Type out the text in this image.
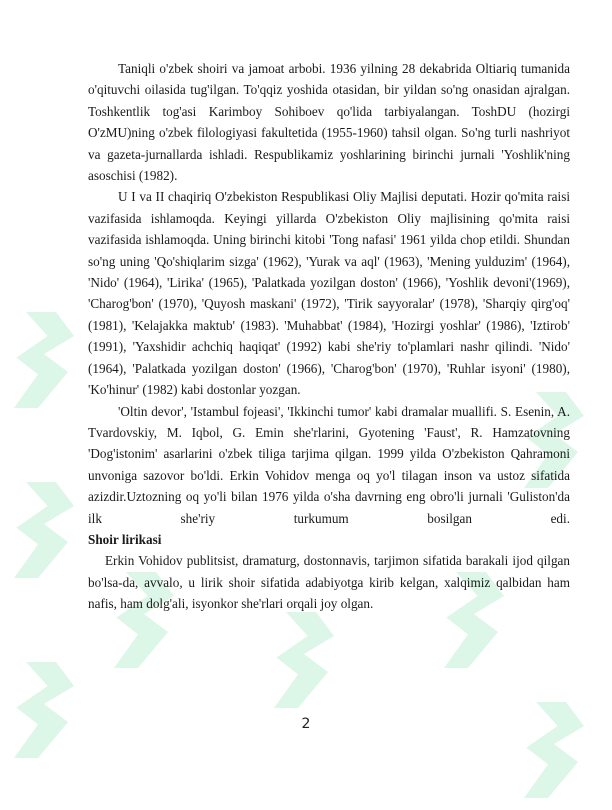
Taniqli o'zbek shoiri va jamoat arbobi. 1936 yilning 28 dekabrida Oltiariq tumanida o'qituvchi oilasida tug'ilgan. To'qqiz yoshida otasidan, bir yildan so'ng onasidan ajralgan. Toshkentlik tog'asi Karimboy Sohiboev qo'lida tarbiyalangan. ToshDU (hozirgi O'zMU)ning o'zbek filologiyasi fakultetida (1955-1960) tahsil olgan. So'ng turli nashriyot va gazeta-jurnallarda ishladi. Respublikamiz yoshlarining birinchi jurnali 'Yoshlik'ning asoschisi (1982).

U I va II chaqiriq O'zbekiston Respublikasi Oliy Majlisi deputati. Hozir qo'mita raisi vazifasida ishlamoqda. Keyingi yillarda O'zbekiston Oliy majlisining qo'mita raisi vazifasida ishlamoqda. Uning birinchi kitobi 'Tong nafasi' 1961 yilda chop etildi. Shundan so'ng uning 'Qo'shiqlarim sizga' (1962), 'Yurak va aql' (1963), 'Mening yulduzim' (1964), 'Nido' (1964), 'Lirika' (1965), 'Palatkada yozilgan doston' (1966), 'Yoshlik devoni'(1969), 'Charog'bon' (1970), 'Quyosh maskani' (1972), 'Tirik sayyoralar' (1978), 'Sharqiy qirg'oq' (1981), 'Kelajakka maktub' (1983). 'Muhabbat' (1984), 'Hozirgi yoshlar' (1986), 'Iztirob' (1991), 'Yaxshidir achchiq haqiqat' (1992) kabi she'riy to'plamlari nashr qilindi. 'Nido' (1964), 'Palatkada yozilgan doston' (1966), 'Charog'bon' (1970), 'Ruhlar isyoni' (1980), 'Ko'hinur' (1982) kabi dostonlar yozgan.

'Oltin devor', 'Istambul fojeasi', 'Ikkinchi tumor' kabi dramalar muallifi. S. Esenin, A. Tvardovskiy, M. Iqbol, G. Emin she'rlarini, Gyotening 'Faust', R. Hamzatovning 'Dog'istonim' asarlarini o'zbek tiliga tarjima qilgan. 1999 yilda O'zbekiston Qahramoni unvoniga sazovor bo'ldi. Erkin Vohidov menga oq yo'l tilagan inson va ustoz sifatida azizdir.Uztozning oq yo'li bilan 1976 yilda o'sha davrning eng obro'li jurnali 'Guliston'da ilk she'riy turkumum bosilgan edi.

Shoir lirikasi

Erkin Vohidov publitsist, dramaturg, dostonnavis, tarjimon sifatida barakali ijod qilgan bo'lsa-da, avvalo, u lirik shoir sifatida adabiyotga kirib kelgan, xalqimiz qalbidan ham nafis, ham dolg'ali, isyonkor she'rlari orqali joy olgan.

2
